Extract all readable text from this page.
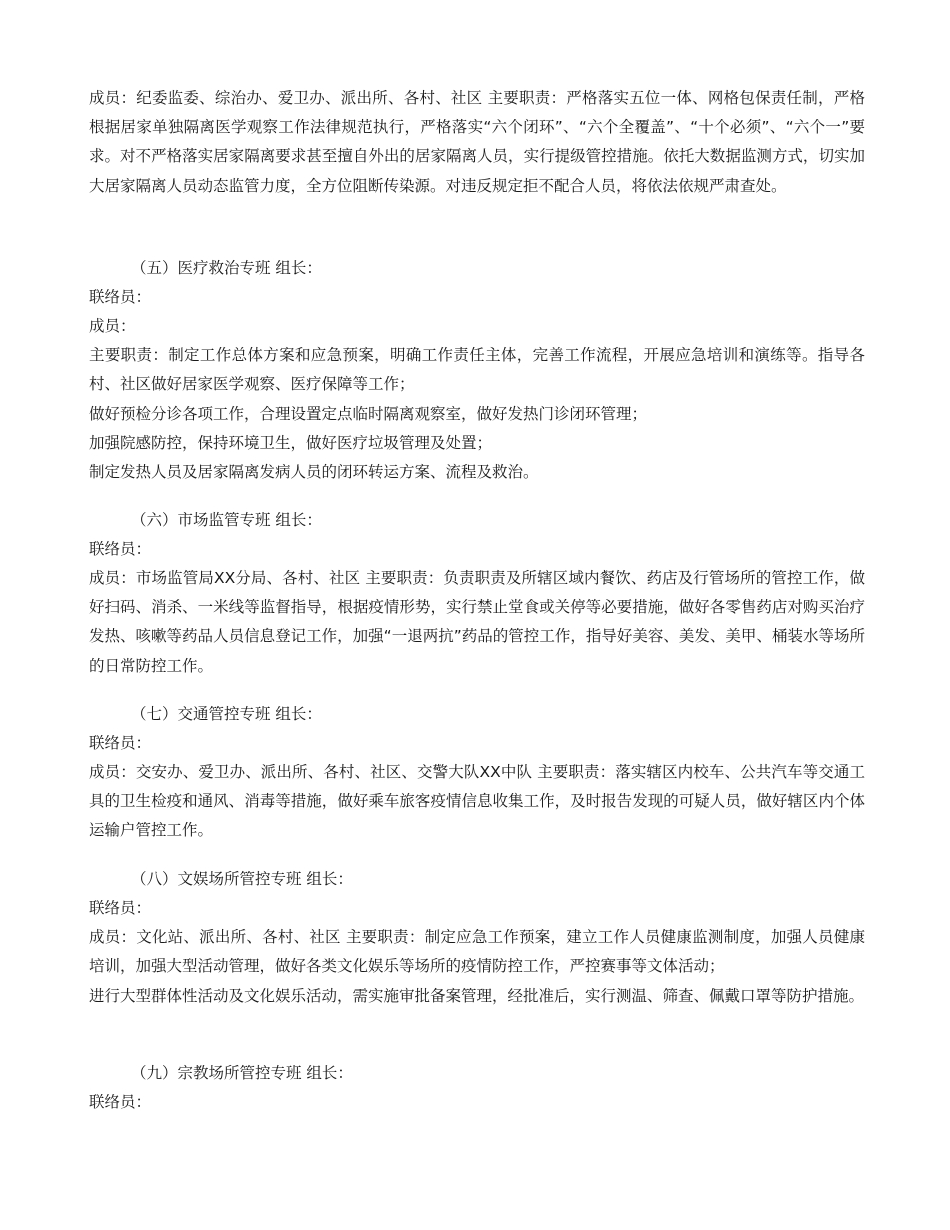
成员：纪委监委、综治办、爱卫办、派出所、各村、社区 主要职责：严格落实五位一体、网格包保责任制，严格根据居家单独隔离医学观察工作法律规范执行，严格落实“六个闭环”、“六个全覆盖”、“十个必须”、“六个一”要求。对不严格落实居家隔离要求甚至擅自外出的居家隔离人员，实行提级管控措施。依托大数据监测方式，切实加大居家隔离人员动态监管力度，全方位阻断传染源。对违反规定拒不配合人员，将依法依规严肃查处。

（五）医疗救治专班 组长：

联络员：

成员：

主要职责：制定工作总体方案和应急预案，明确工作责任主体，完善工作流程，开展应急培训和演练等。指导各村、社区做好居家医学观察、医疗保障等工作；

做好预检分诊各项工作，合理设置定点临时隔离观察室，做好发热门诊闭环管理；

加强院感防控，保持环境卫生，做好医疗垃圾管理及处置；

制定发热人员及居家隔离发病人员的闭环转运方案、流程及救治。

（六）市场监管专班 组长：

联络员：

成员：市场监管局XX分局、各村、社区 主要职责：负责职责及所辖区域内餐饮、药店及行管场所的管控工作，做好扫码、消杀、一米线等监督指导，根据疫情形势，实行禁止堂食或关停等必要措施，做好各零售药店对购买治疗发热、咳嗽等药品人员信息登记工作，加强“一退两抗”药品的管控工作，指导好美容、美发、美甲、桶装水等场所的日常防控工作。

（七）交通管控专班 组长：

联络员：

成员：交安办、爱卫办、派出所、各村、社区、交警大队XX中队 主要职责：落实辖区内校车、公共汽车等交通工具的卫生检疫和通风、消毒等措施，做好乘车旅客疫情信息收集工作，及时报告发现的可疑人员，做好辖区内个体运输户管控工作。

（八）文娱场所管控专班 组长：

联络员：

成员：文化站、派出所、各村、社区 主要职责：制定应急工作预案，建立工作人员健康监测制度，加强人员健康培训，加强大型活动管理，做好各类文化娱乐等场所的疫情防控工作，严控赛事等文体活动；

进行大型群体性活动及文化娱乐活动，需实施审批备案管理，经批准后，实行测温、筛查、佩戴口罩等防护措施。

（九）宗教场所管控专班 组长：

联络员：
